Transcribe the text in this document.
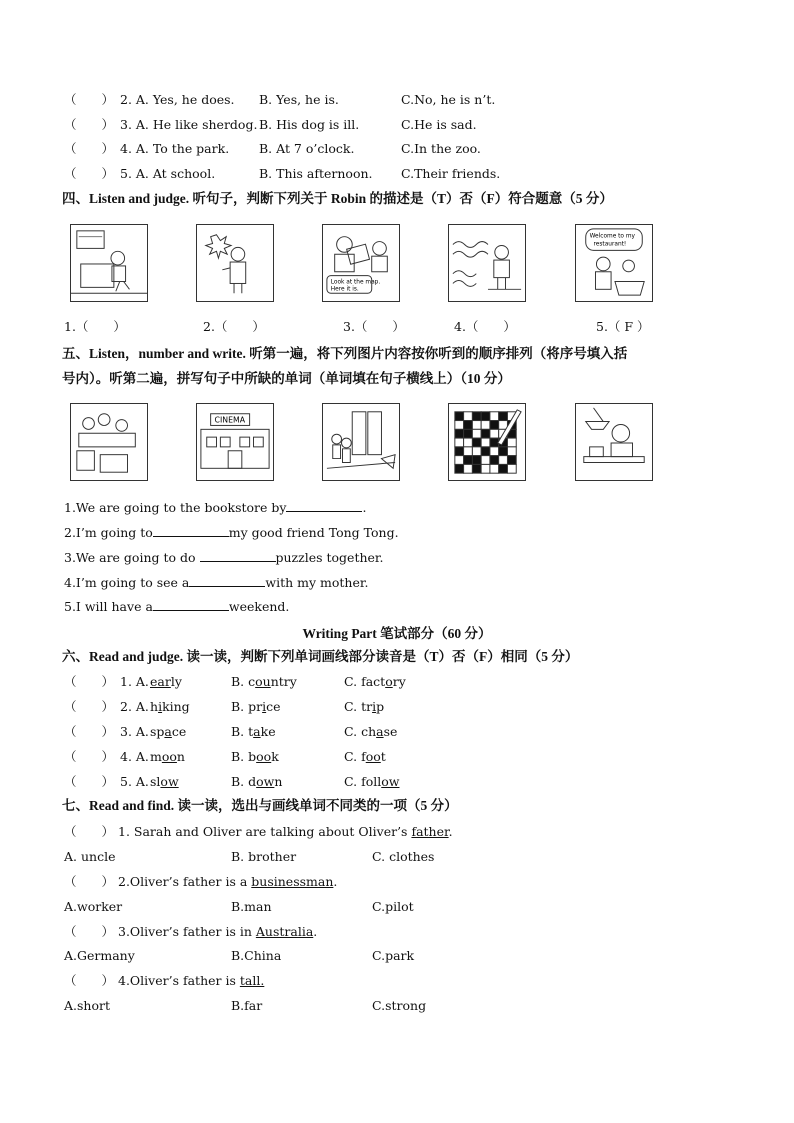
（　　） 2. A. Yes, he does. B. Yes, he is.	C.No, he is n’t.
（　　） 3. A. He like sherdog. B. His dog is ill.	C.He is sad.
（　　） 4. A. To the park. B. At 7 o’clock.	C.In the zoo.
（　　） 5. A. At school.	B. This afternoon. C.Their friends.
四、Listen and judge. 听句子，判断下列关于 Robin 的描述是（T）否（F）符合题意（5 分）
Look at the map.
Here it is.
Welcome to my
restaurant!
1.（　　）	2.（　　）	3.（　　）	4.（　　）	5.（ F ）
五、Listen，number and write. 听第一遍，将下列图片内容按你听到的顺序排列（将序号填入括
号内）。听第二遍，拼写句子中所缺的单词（单词填在句子横线上）（10 分）
CINEMA
1.We are going to the bookstore by	.
2.I’m going to	my good friend Tong Tong.
3.We are going to do	puzzles together.
4.I’m going to see a	with my mother.
5.I will have a	weekend.
Writing Part 笔试部分（60 分）
六、Read and judge. 读一读，判断下列单词画线部分读音是（T）否（F）相同（5 分）
（　　） 1. A. early	B. country	C. factory
（　　） 2. A. hiking	B. price	C. trip
（　　） 3. A. space	B. take	C. chase
（　　） 4. A. moon	B. book	C. foot
（　　） 5. A. slow	B. down	C. follow
七、Read and find. 读一读，选出与画线单词不同类的一项（5 分）
（　　） 1. Sarah and Oliver are talking about Oliver’s father.
A. uncle	B. brother	C. clothes
（　　） 2.Oliver’s father is a businessman.
A.worker	B.man	C.pilot
（　　） 3.Oliver’s father is in Australia.
A.Germany	B.China	C.park
（　　） 4.Oliver’s father is tall.
A.short	B.far	C.strong
